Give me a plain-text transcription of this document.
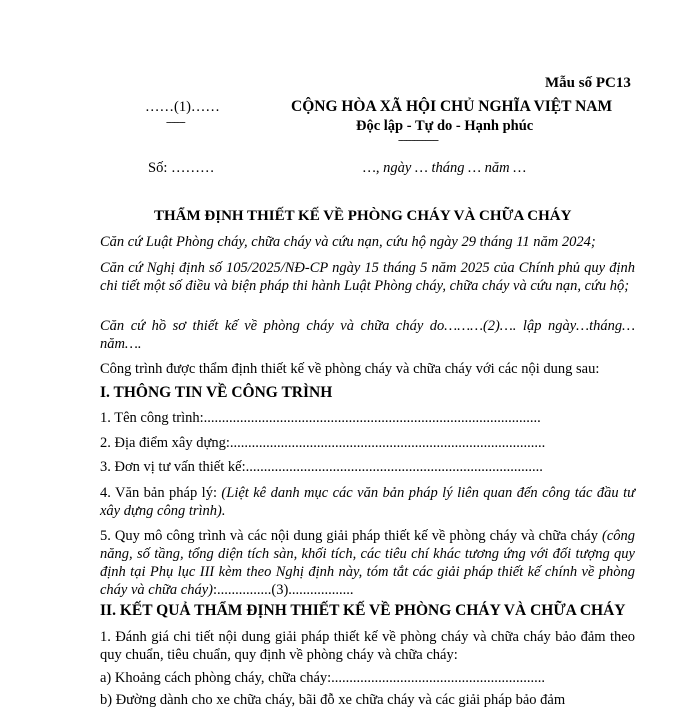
Mẫu số PC13
……(1)……
-------
CỘNG HÒA XÃ HỘI CHỦ NGHĨA VIỆT NAM
Độc lập - Tự do - Hạnh phúc
---------------
Số: ………	…, ngày … tháng … năm …
THẨM ĐỊNH THIẾT KẾ VỀ PHÒNG CHÁY VÀ CHỮA CHÁY
Căn cứ Luật Phòng cháy, chữa cháy và cứu nạn, cứu hộ ngày 29 tháng 11 năm 2024;
Căn cứ Nghị định số 105/2025/NĐ-CP ngày 15 tháng 5 năm 2025 của Chính phủ quy định chi tiết một số điều và biện pháp thi hành Luật Phòng cháy, chữa cháy và cứu nạn, cứu hộ;
Căn cứ hồ sơ thiết kế về phòng cháy và chữa cháy do………(2)…. lập ngày…tháng… năm….
Công trình được thẩm định thiết kế về phòng cháy và chữa cháy với các nội dung sau:
I. THÔNG TIN VỀ CÔNG TRÌNH
1. Tên công trình:.............................................................................................
2. Địa điểm xây dựng:.......................................................................................
3. Đơn vị tư vấn thiết kế:..................................................................................
4. Văn bản pháp lý: (Liệt kê danh mục các văn bản pháp lý liên quan đến công tác đầu tư xây dựng công trình).
5. Quy mô công trình và các nội dung giải pháp thiết kế về phòng cháy và chữa cháy (công năng, số tầng, tổng diện tích sàn, khối tích, các tiêu chí khác tương ứng với đối tượng quy định tại Phụ lục III kèm theo Nghị định này, tóm tắt các giải pháp thiết kế chính về phòng cháy và chữa cháy):...............(3)..................
II. KẾT QUẢ THẨM ĐỊNH THIẾT KẾ VỀ PHÒNG CHÁY VÀ CHỮA CHÁY
1. Đánh giá chi tiết nội dung giải pháp thiết kế về phòng cháy và chữa cháy bảo đảm theo quy chuẩn, tiêu chuẩn, quy định về phòng cháy và chữa cháy:
a) Khoảng cách phòng cháy, chữa cháy:...........................................................
b) Đường dành cho xe chữa cháy, bãi đỗ xe chữa cháy và các giải pháp bảo đảm
